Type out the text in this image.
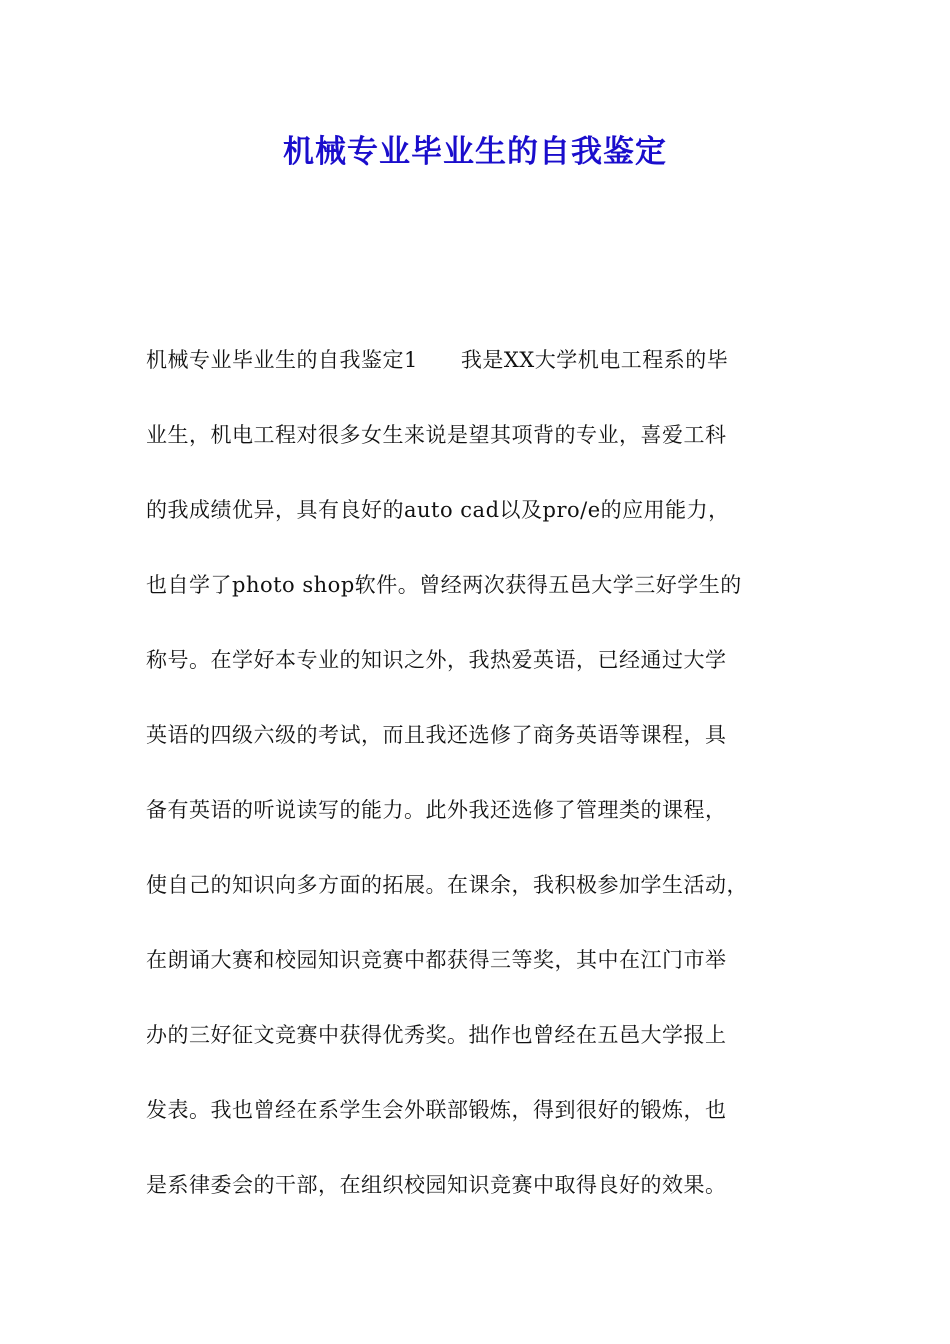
机械专业毕业生的自我鉴定
机械专业毕业生的自我鉴定1　　我是XX大学机电工程系的毕
业生，机电工程对很多女生来说是望其项背的专业，喜爱工科
的我成绩优异，具有良好的auto cad以及pro/e的应用能力，
也自学了photo shop软件。曾经两次获得五邑大学三好学生的
称号。在学好本专业的知识之外，我热爱英语，已经通过大学
英语的四级六级的考试，而且我还选修了商务英语等课程，具
备有英语的听说读写的能力。此外我还选修了管理类的课程，
使自己的知识向多方面的拓展。在课余，我积极参加学生活动，
在朗诵大赛和校园知识竞赛中都获得三等奖，其中在江门市举
办的三好征文竞赛中获得优秀奖。拙作也曾经在五邑大学报上
发表。我也曾经在系学生会外联部锻炼，得到很好的锻炼，也
是系律委会的干部，在组织校园知识竞赛中取得良好的效果。
